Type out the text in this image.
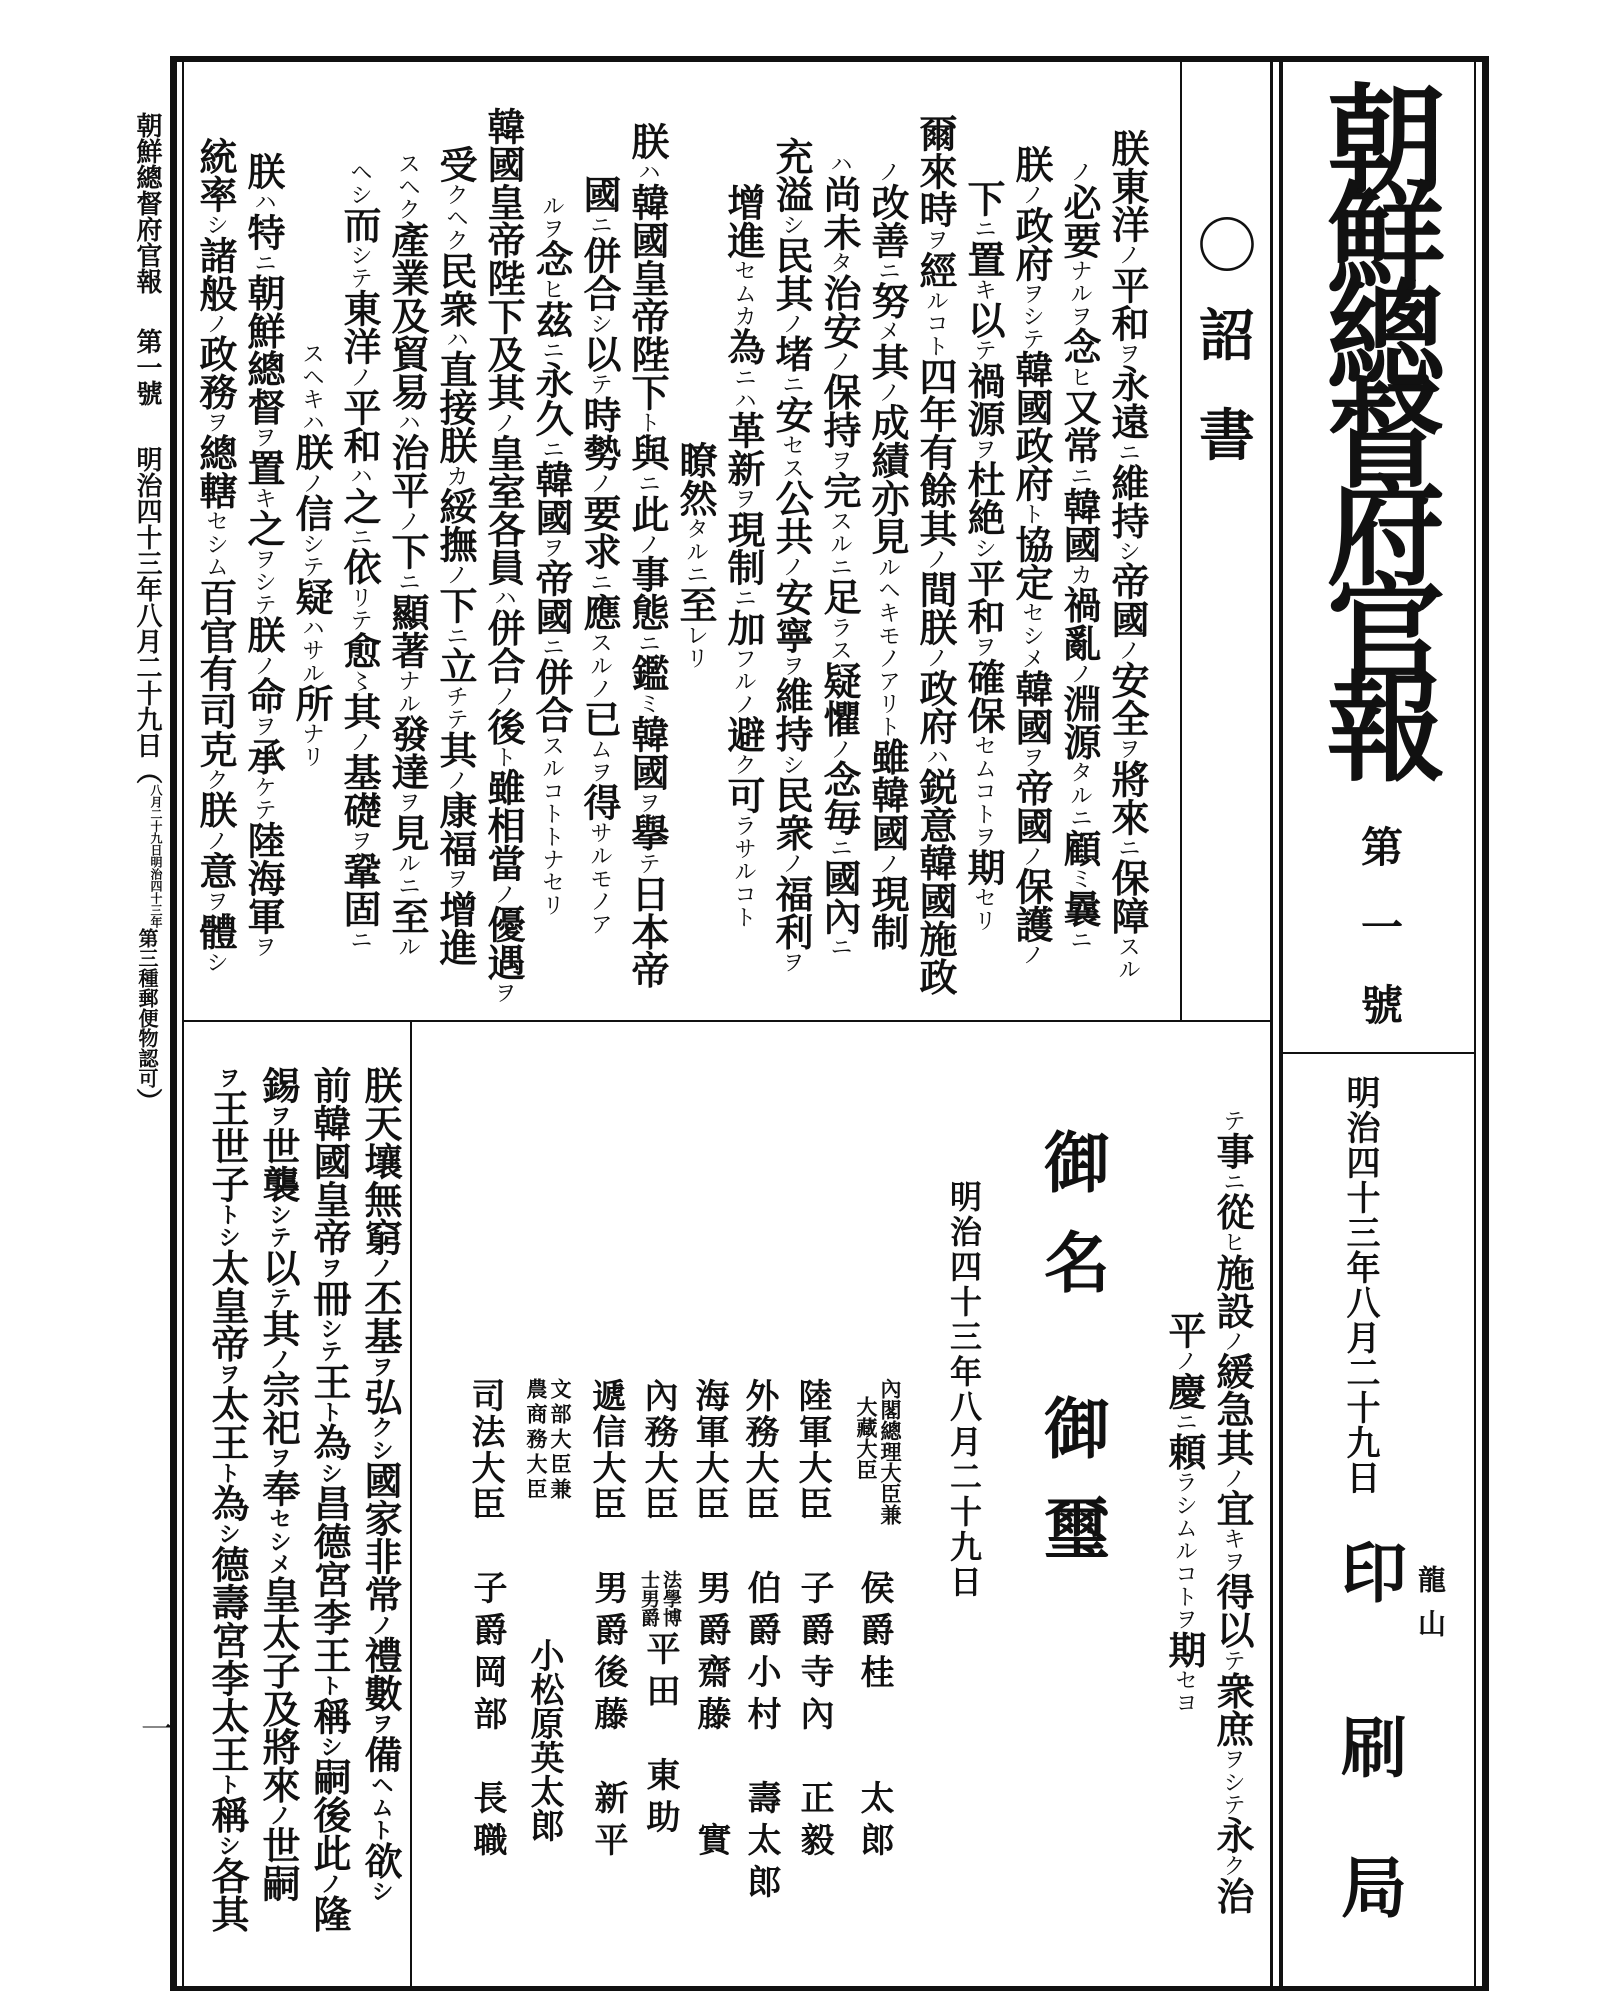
朝鮮總督府官報第一號明治四十三年八月二十九日（
明治四十三年
八月二十九日
第三種郵便物認可）
一
朝鮮總督府官報
第
一
號
明治四十三年八月二十九日
龍山
印
刷
局
〇
詔
書
朕東洋ノ平和ヲ永遠ニ維持シ帝國ノ安全ヲ將來ニ保障スル
ノ必要ナルヲ念ヒ又常ニ韓國カ禍亂ノ淵源タルニ顧ミ曩ニ
朕ノ政府ヲシテ韓國政府ト協定セシメ韓國ヲ帝國ノ保護ノ
下ニ置キ以テ禍源ヲ杜絶シ平和ヲ確保セムコトヲ期セリ
爾來時ヲ經ルコト四年有餘其ノ間朕ノ政府ハ鋭意韓國施政
ノ改善ニ努メ其ノ成績亦見ルヘキモノアリト雖韓國ノ現制
ハ尚未タ治安ノ保持ヲ完スルニ足ラス疑懼ノ念毎ニ國內ニ
充溢シ民其ノ堵ニ安セス公共ノ安寧ヲ維持シ民衆ノ福利ヲ
增進セムカ為ニハ革新ヲ現制ニ加フルノ避ク可ラサルコト
瞭然タルニ至レリ
朕ハ韓國皇帝陛下ト與ニ此ノ事態ニ鑑ミ韓國ヲ擧テ日本帝
國ニ併合シ以テ時勢ノ要求ニ應スルノ已ムヲ得サルモノア
ルヲ念ヒ茲ニ永久ニ韓國ヲ帝國ニ併合スルコトトナセリ
韓國皇帝陛下及其ノ皇室各員ハ併合ノ後ト雖相當ノ優遇ヲ
受クヘク民衆ハ直接朕カ綏撫ノ下ニ立チテ其ノ康福ヲ增進
スヘク產業及貿易ハ治平ノ下ニ顯著ナル發達ヲ見ルニ至ル
ヘシ而シテ東洋ノ平和ハ之ニ依リテ愈〻其ノ基礎ヲ鞏固ニ
スヘキハ朕ノ信シテ疑ハサル所ナリ
朕ハ特ニ朝鮮總督ヲ置キ之ヲシテ朕ノ命ヲ承ケテ陸海軍ヲ
統率シ諸般ノ政務ヲ總轄セシム百官有司克ク朕ノ意ヲ體シ
テ事ニ從ヒ施設ノ緩急其ノ宜キヲ得以テ衆庶ヲシテ永ク治
平ノ慶ニ頼ラシムルコトヲ期セヨ
御
名
御
璽
明治四十三年八月二十九日
內閣總理大臣兼
大藏大臣
侯爵桂　　太郎
陸軍大臣
子爵寺內　正毅
外務大臣
伯爵小村　壽太郎
海軍大臣
男爵齋藤　　實
內務大臣
法學博
士男爵
平田　東助
遞信大臣
男爵後藤　新平
文部大臣兼
農商務大臣
小松原英太郎
司法大臣
子爵岡部　長職
朕天壤無窮ノ丕基ヲ弘クシ國家非常ノ禮數ヲ備ヘムト欲シ
前韓國皇帝ヲ冊シテ王ト為シ昌德宮李王ト稱シ嗣後此ノ隆
錫ヲ世襲シテ以テ其ノ宗祀ヲ奉セシメ皇太子及將來ノ世嗣
ヲ王世子トシ太皇帝ヲ太王ト為シ德壽宮李太王ト稱シ各其
